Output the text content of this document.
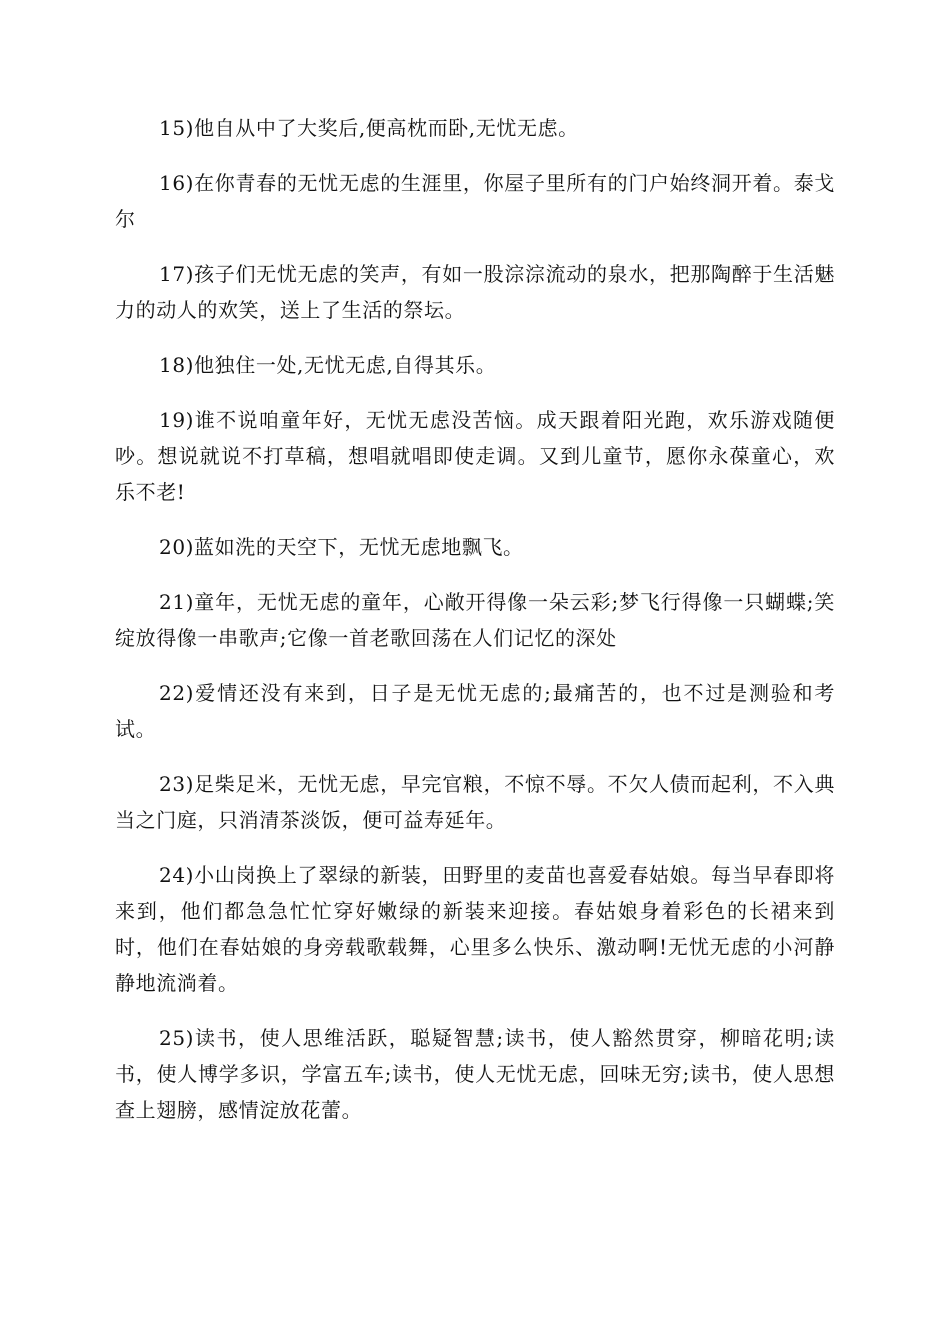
15)他自从中了大奖后,便高枕而卧,无忧无虑。

16)在你青春的无忧无虑的生涯里，你屋子里所有的门户始终洞开着。泰戈尔

17)孩子们无忧无虑的笑声，有如一股淙淙流动的泉水，把那陶醉于生活魅力的动人的欢笑，送上了生活的祭坛。

18)他独住一处,无忧无虑,自得其乐。

19)谁不说咱童年好，无忧无虑没苦恼。成天跟着阳光跑，欢乐游戏随便吵。想说就说不打草稿，想唱就唱即使走调。又到儿童节，愿你永葆童心，欢乐不老!

20)蓝如洗的天空下，无忧无虑地飘飞。

21)童年，无忧无虑的童年，心敞开得像一朵云彩;梦飞行得像一只蝴蝶;笑绽放得像一串歌声;它像一首老歌回荡在人们记忆的深处

22)爱情还没有来到，日子是无忧无虑的;最痛苦的，也不过是测验和考试。

23)足柴足米，无忧无虑，早完官粮，不惊不辱。不欠人债而起利，不入典当之门庭，只消清茶淡饭，便可益寿延年。

24)小山岗换上了翠绿的新装，田野里的麦苗也喜爱春姑娘。每当早春即将来到，他们都急急忙忙穿好嫩绿的新装来迎接。春姑娘身着彩色的长裙来到时，他们在春姑娘的身旁载歌载舞，心里多么快乐、激动啊!无忧无虑的小河静静地流淌着。

25)读书，使人思维活跃，聪疑智慧;读书，使人豁然贯穿，柳暗花明;读书，使人博学多识，学富五车;读书，使人无忧无虑，回味无穷;读书，使人思想查上翅膀，感情淀放花蕾。
